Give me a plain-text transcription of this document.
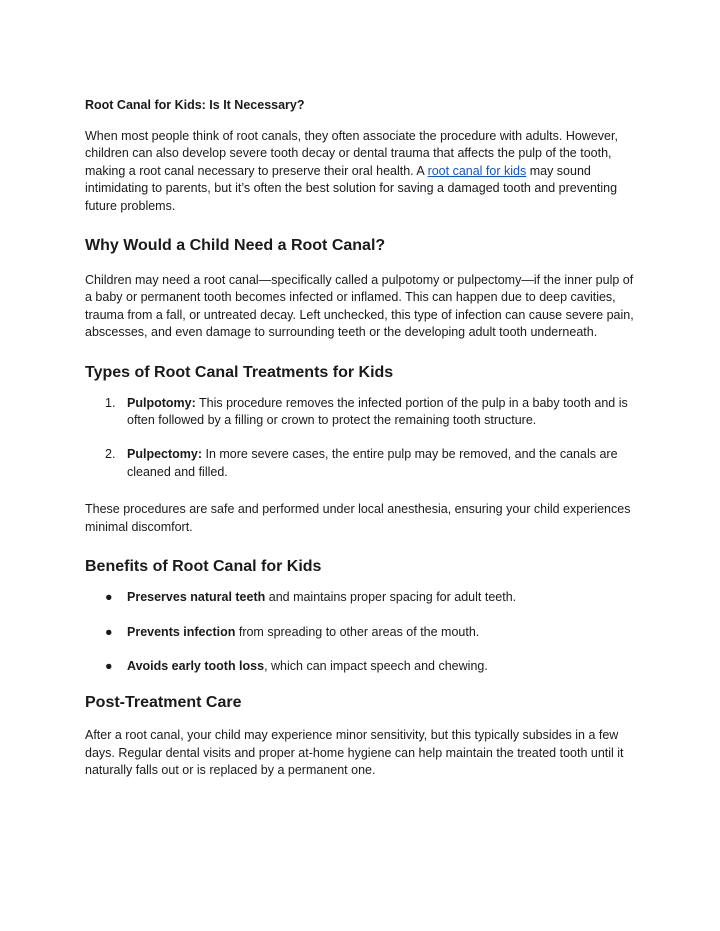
Root Canal for Kids: Is It Necessary?

When most people think of root canals, they often associate the procedure with adults. However, children can also develop severe tooth decay or dental trauma that affects the pulp of the tooth, making a root canal necessary to preserve their oral health. A root canal for kids may sound intimidating to parents, but it’s often the best solution for saving a damaged tooth and preventing future problems.

Why Would a Child Need a Root Canal?

Children may need a root canal—specifically called a pulpotomy or pulpectomy—if the inner pulp of a baby or permanent tooth becomes infected or inflamed. This can happen due to deep cavities, trauma from a fall, or untreated decay. Left unchecked, this type of infection can cause severe pain, abscesses, and even damage to surrounding teeth or the developing adult tooth underneath.

Types of Root Canal Treatments for Kids
1. Pulpotomy: This procedure removes the infected portion of the pulp in a baby tooth and is often followed by a filling or crown to protect the remaining tooth structure.
2. Pulpectomy: In more severe cases, the entire pulp may be removed, and the canals are cleaned and filled.

These procedures are safe and performed under local anesthesia, ensuring your child experiences minimal discomfort.

Benefits of Root Canal for Kids
● Preserves natural teeth and maintains proper spacing for adult teeth.
● Prevents infection from spreading to other areas of the mouth.
● Avoids early tooth loss, which can impact speech and chewing.
Post-Treatment Care

After a root canal, your child may experience minor sensitivity, but this typically subsides in a few days. Regular dental visits and proper at-home hygiene can help maintain the treated tooth until it naturally falls out or is replaced by a permanent one.
